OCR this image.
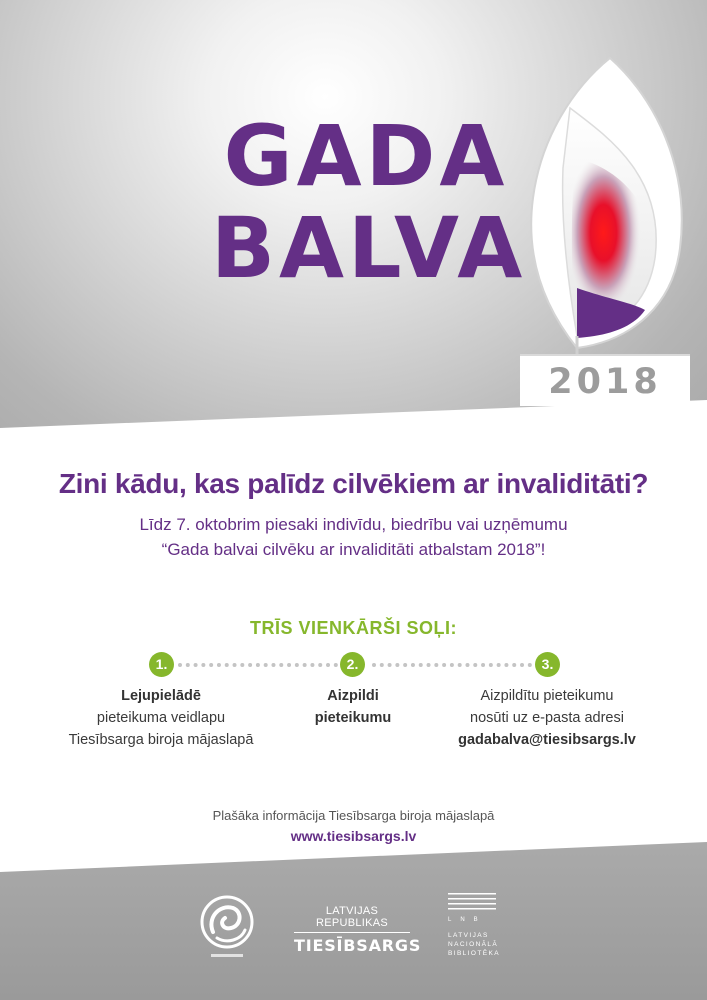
GADA
BALVA
2018
Zini kādu, kas palīdz cilvēkiem ar invaliditāti?
Līdz 7. oktobrim piesaki indivīdu, biedrību vai uzņēmumu
“Gada balvai cilvēku ar invaliditāti atbalstam 2018”!
TRĪS VIENKĀRŠI SOĻI:
1.	2.	3.
Lejupielādē
pieteikuma veidlapu
Tiesībsarga biroja mājaslapā
Aizpildi
pieteikumu
Aizpildītu pieteikumu
nosūti uz e-pasta adresi
gadabalva@tiesibsargs.lv
Plašāka informācija Tiesībsarga biroja mājaslapā
www.tiesibsargs.lv
LATVIJAS REPUBLIKAS
TIESĪBSARGS
LNB
LATVIJAS
NACIONĀLĀ
BIBLIOTĒKA
